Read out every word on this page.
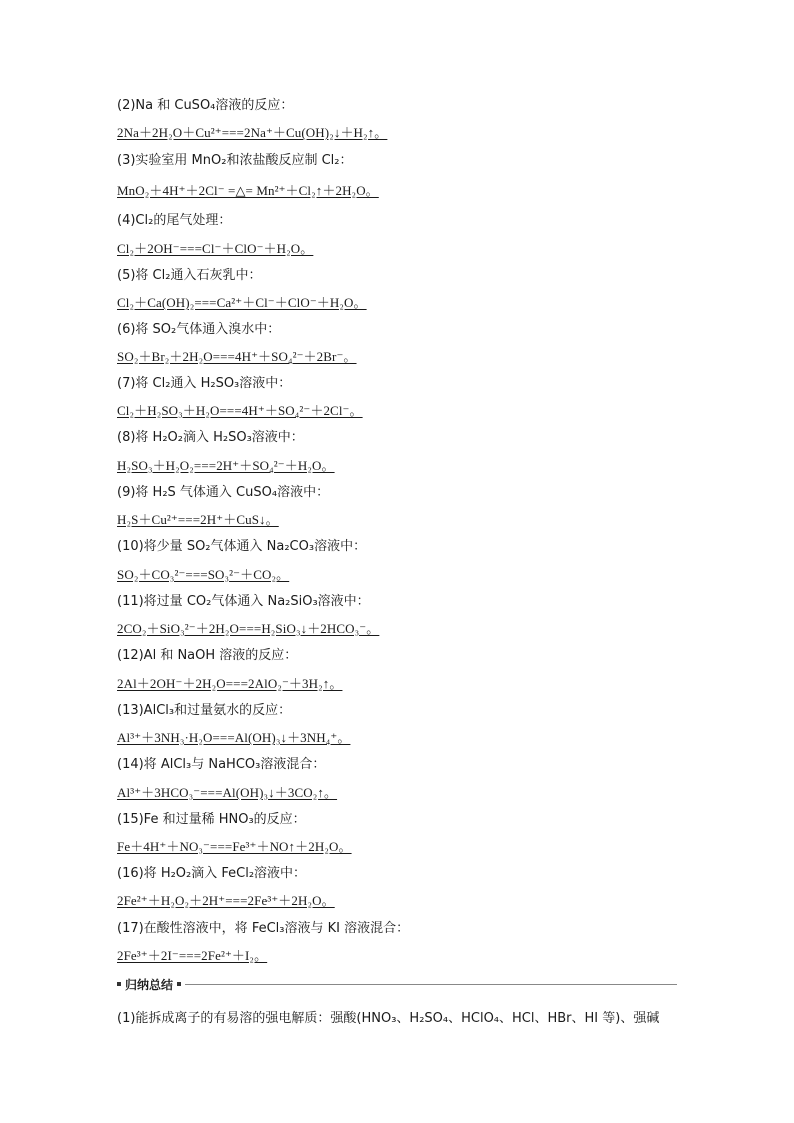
(2)Na 和 CuSO₄溶液的反应：
2Na＋2H₂O＋Cu²⁺===2Na⁺＋Cu(OH)₂↓＋H₂↑。
(3)实验室用 MnO₂和浓盐酸反应制 Cl₂：
MnO₂＋4H⁺＋2Cl⁻ =△= Mn²⁺＋Cl₂↑＋2H₂O。
(4)Cl₂的尾气处理：
Cl₂＋2OH⁻===Cl⁻＋ClO⁻＋H₂O。
(5)将 Cl₂通入石灰乳中：
Cl₂＋Ca(OH)₂===Ca²⁺＋Cl⁻＋ClO⁻＋H₂O。
(6)将 SO₂气体通入溴水中：
SO₂＋Br₂＋2H₂O===4H⁺＋SO₄²⁻＋2Br⁻。
(7)将 Cl₂通入 H₂SO₃溶液中：
Cl₂＋H₂SO₃＋H₂O===4H⁺＋SO₄²⁻＋2Cl⁻。
(8)将 H₂O₂滴入 H₂SO₃溶液中：
H₂SO₃＋H₂O₂===2H⁺＋SO₄²⁻＋H₂O。
(9)将 H₂S 气体通入 CuSO₄溶液中：
H₂S＋Cu²⁺===2H⁺＋CuS↓。
(10)将少量 SO₂气体通入 Na₂CO₃溶液中：
SO₂＋CO₃²⁻===SO₃²⁻＋CO₂。
(11)将过量 CO₂气体通入 Na₂SiO₃溶液中：
2CO₂＋SiO₃²⁻＋2H₂O===H₂SiO₃↓＋2HCO₃⁻。
(12)Al 和 NaOH 溶液的反应：
2Al＋2OH⁻＋2H₂O===2AlO₂⁻＋3H₂↑。
(13)AlCl₃和过量氨水的反应：
Al³⁺＋3NH₃·H₂O===Al(OH)₃↓＋3NH₄⁺。
(14)将 AlCl₃与 NaHCO₃溶液混合：
Al³⁺＋3HCO₃⁻===Al(OH)₃↓＋3CO₂↑。
(15)Fe 和过量稀 HNO₃的反应：
Fe＋4H⁺＋NO₃⁻===Fe³⁺＋NO↑＋2H₂O。
(16)将 H₂O₂滴入 FeCl₂溶液中：
2Fe²⁺＋H₂O₂＋2H⁺===2Fe³⁺＋2H₂O。
(17)在酸性溶液中，将 FeCl₃溶液与 KI 溶液混合：
2Fe³⁺＋2I⁻===2Fe²⁺＋I₂。
归纳总结
(1)能拆成离子的有易溶的强电解质：强酸(HNO₃、H₂SO₄、HClO₄、HCl、HBr、HI 等)、强碱
